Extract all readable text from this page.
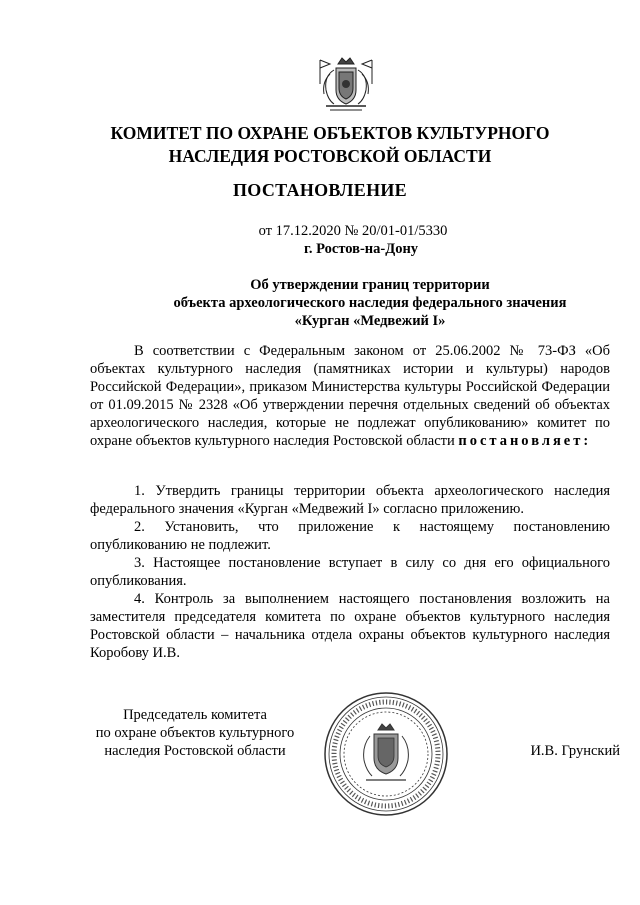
КОМИТЕТ ПО ОХРАНЕ ОБЪЕКТОВ КУЛЬТУРНОГО
НАСЛЕДИЯ РОСТОВСКОЙ ОБЛАСТИ
ПОСТАНОВЛЕНИЕ
от 17.12.2020 № 20/01-01/5330
г. Ростов-на-Дону
Об утверждении границ территории
объекта археологического наследия федерального значения
«Курган «Медвежий I»
В соответствии с Федеральным законом от 25.06.2002 № 73-ФЗ «Об объектах культурного наследия (памятниках истории и культуры) народов Российской Федерации», приказом Министерства культуры Российской Федерации от 01.09.2015 № 2328 «Об утверждении перечня отдельных сведений об объектах археологического наследия, которые не подлежат опубликованию» комитет по охране объектов культурного наследия Ростовской области постановляет:

1. Утвердить границы территории объекта археологического наследия федерального значения «Курган «Медвежий I» согласно приложению.

2. Установить, что приложение к настоящему постановлению опубликованию не подлежит.

3. Настоящее постановление вступает в силу со дня его официального опубликования.

4. Контроль за выполнением настоящего постановления возложить на заместителя председателя комитета по охране объектов культурного наследия Ростовской области – начальника отдела охраны объектов культурного наследия Коробову И.В.

Председатель комитета
по охране объектов культурного
наследия Ростовской области	И.В. Грунский
